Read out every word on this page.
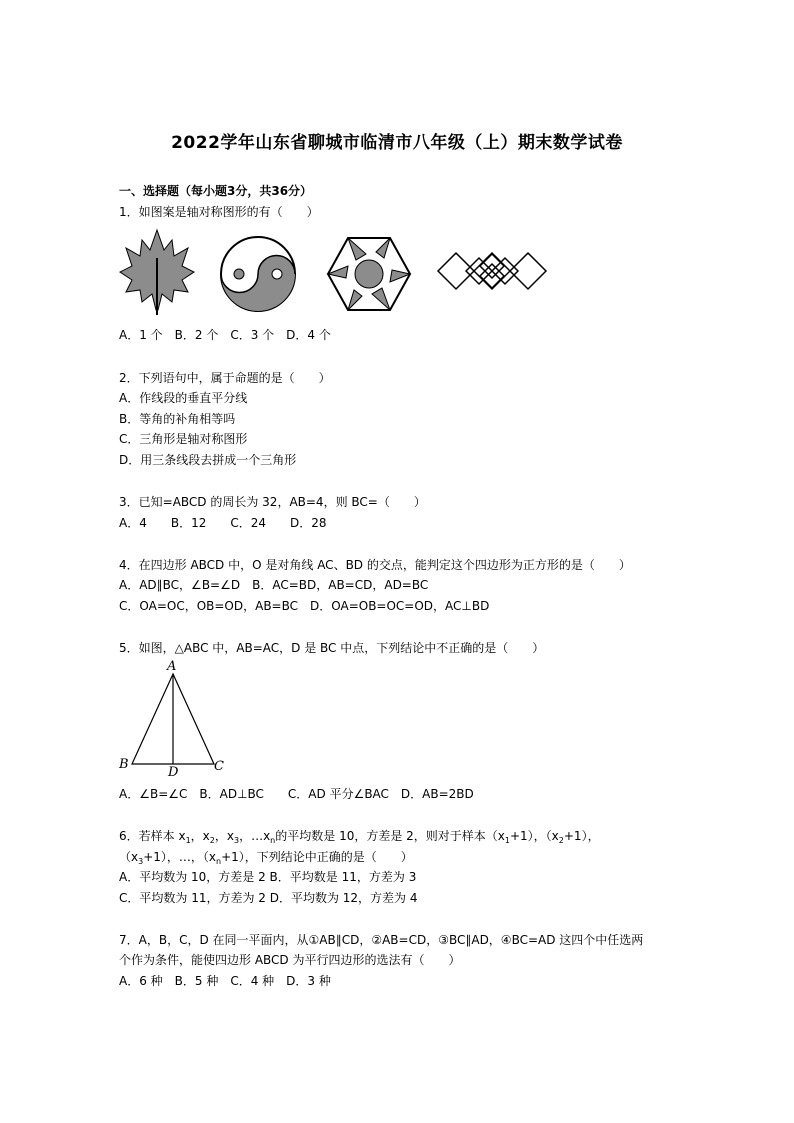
2022学年山东省聊城市临清市八年级（上）期末数学试卷
一、选择题（每小题3分，共36分）
1．如图案是轴对称图形的有（　　）
A．1 个　B．2 个　C．3 个　D．4 个
2．下列语句中，属于命题的是（　　）
A．作线段的垂直平分线
B．等角的补角相等吗
C．三角形是轴对称图形
D．用三条线段去拼成一个三角形
3．已知=ABCD 的周长为 32，AB=4，则 BC=（　　）
A．4　　B．12　　C．24　　D．28
4．在四边形 ABCD 中，O 是对角线 AC、BD 的交点，能判定这个四边形为正方形的是（　　）
A．AD∥BC，∠B=∠D　B．AC=BD，AB=CD，AD=BC
C．OA=OC，OB=OD，AB=BC　D．OA=OB=OC=OD，AC⊥BD
5．如图，△ABC 中，AB=AC，D 是 BC 中点，下列结论中不正确的是（　　）
A
B	C
D
A．∠B=∠C　B．AD⊥BC　　C．AD 平分∠BAC　D．AB=2BD
6．若样本 $x_1$，$x_2$，$x_3$，$\dots x_n$的平均数是 10，方差是 2，则对于样本$(x_1+1)$，$(x_2+1)$，
$(x_3+1)$，…，$(x_n+1)$，下列结论中正确的是（　　）
A．平均数为 10，方差是 2 B．平均数是 11，方差为 3
C．平均数为 11，方差为 2 D．平均数为 12，方差为 4
7．A，B，C，D 在同一平面内，从①AB∥CD，②AB=CD，③BC∥AD，④BC=AD 这四个中任选两
个作为条件，能使四边形 ABCD 为平行四边形的选法有（　　）
A．6 种　B．5 种　C．4 种　D．3 种
